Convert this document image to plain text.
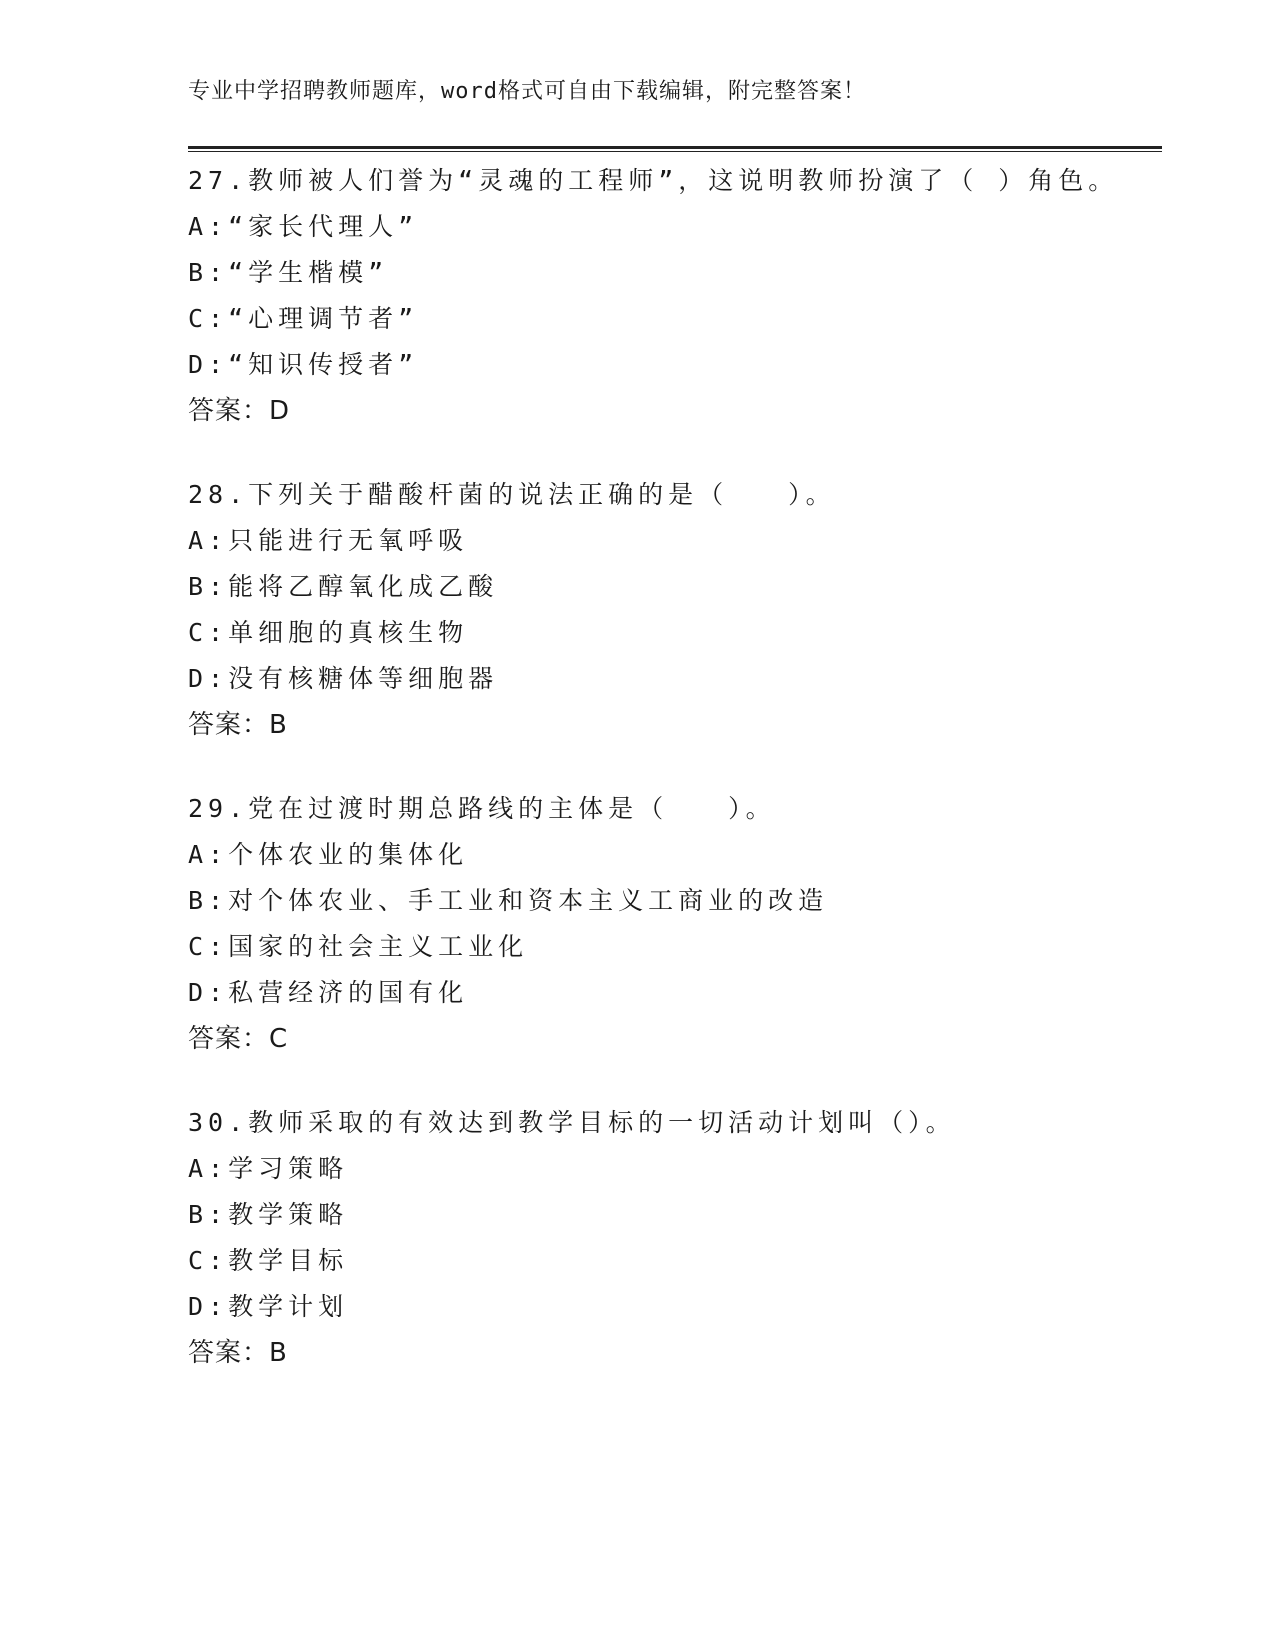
专业中学招聘教师题库，word格式可自由下载编辑，附完整答案！
27.教师被人们誉为“灵魂的工程师”，这说明教师扮演了（ ）角色。
A:“家长代理人”
B:“学生楷模”
C:“心理调节者”
D:“知识传授者”
答案：D
28.下列关于醋酸杆菌的说法正确的是（　　）。
A:只能进行无氧呼吸
B:能将乙醇氧化成乙酸
C:单细胞的真核生物
D:没有核糖体等细胞器
答案：B
29.党在过渡时期总路线的主体是（　　）。
A:个体农业的集体化
B:对个体农业、手工业和资本主义工商业的改造
C:国家的社会主义工业化
D:私营经济的国有化
答案：C
30.教师采取的有效达到教学目标的一切活动计划叫（）。
A:学习策略
B:教学策略
C:教学目标
D:教学计划
答案：B
